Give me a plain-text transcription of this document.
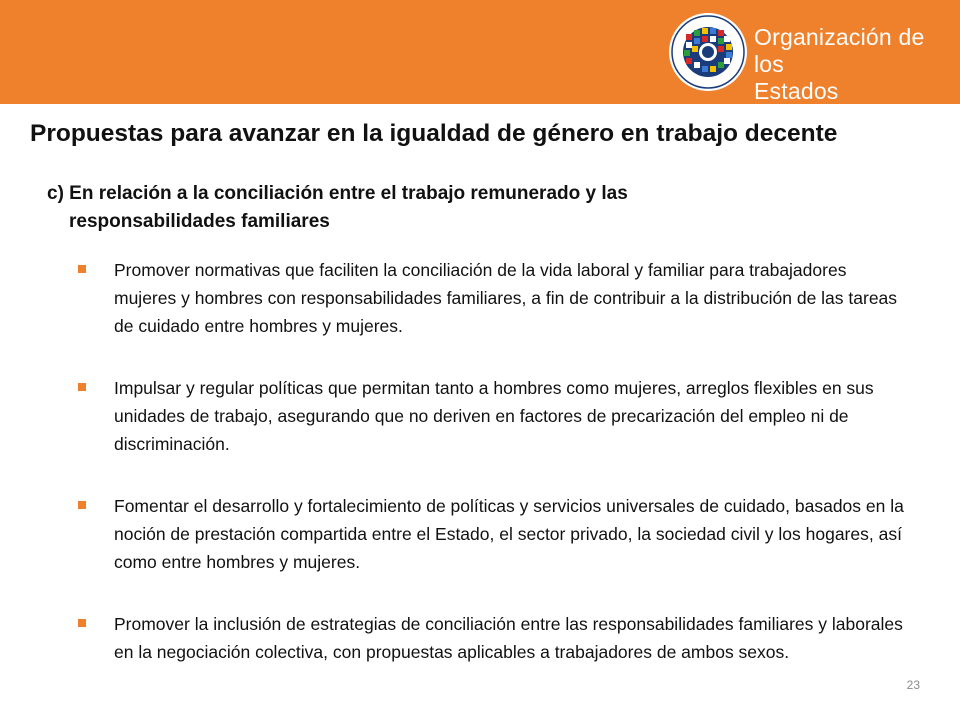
Organización de los
Estados Americanos
Propuestas para avanzar en la igualdad de género en trabajo decente
c) En relación a la conciliación entre el trabajo remunerado y las
responsabilidades familiares
Promover normativas que faciliten la conciliación de la vida laboral y familiar para trabajadores mujeres y hombres con responsabilidades familiares, a fin de contribuir a la distribución de las tareas de cuidado entre hombres y mujeres.
Impulsar y regular políticas que permitan tanto a hombres como mujeres, arreglos flexibles en sus unidades de trabajo, asegurando que no deriven en factores de precarización del empleo ni de discriminación.
Fomentar el desarrollo y fortalecimiento de políticas y servicios universales de cuidado, basados en la noción de prestación compartida entre el Estado, el sector privado, la sociedad civil y los hogares, así como entre hombres y mujeres.
Promover la inclusión de estrategias de conciliación entre las responsabilidades familiares y laborales en la negociación colectiva, con propuestas aplicables a trabajadores de ambos sexos.
23
